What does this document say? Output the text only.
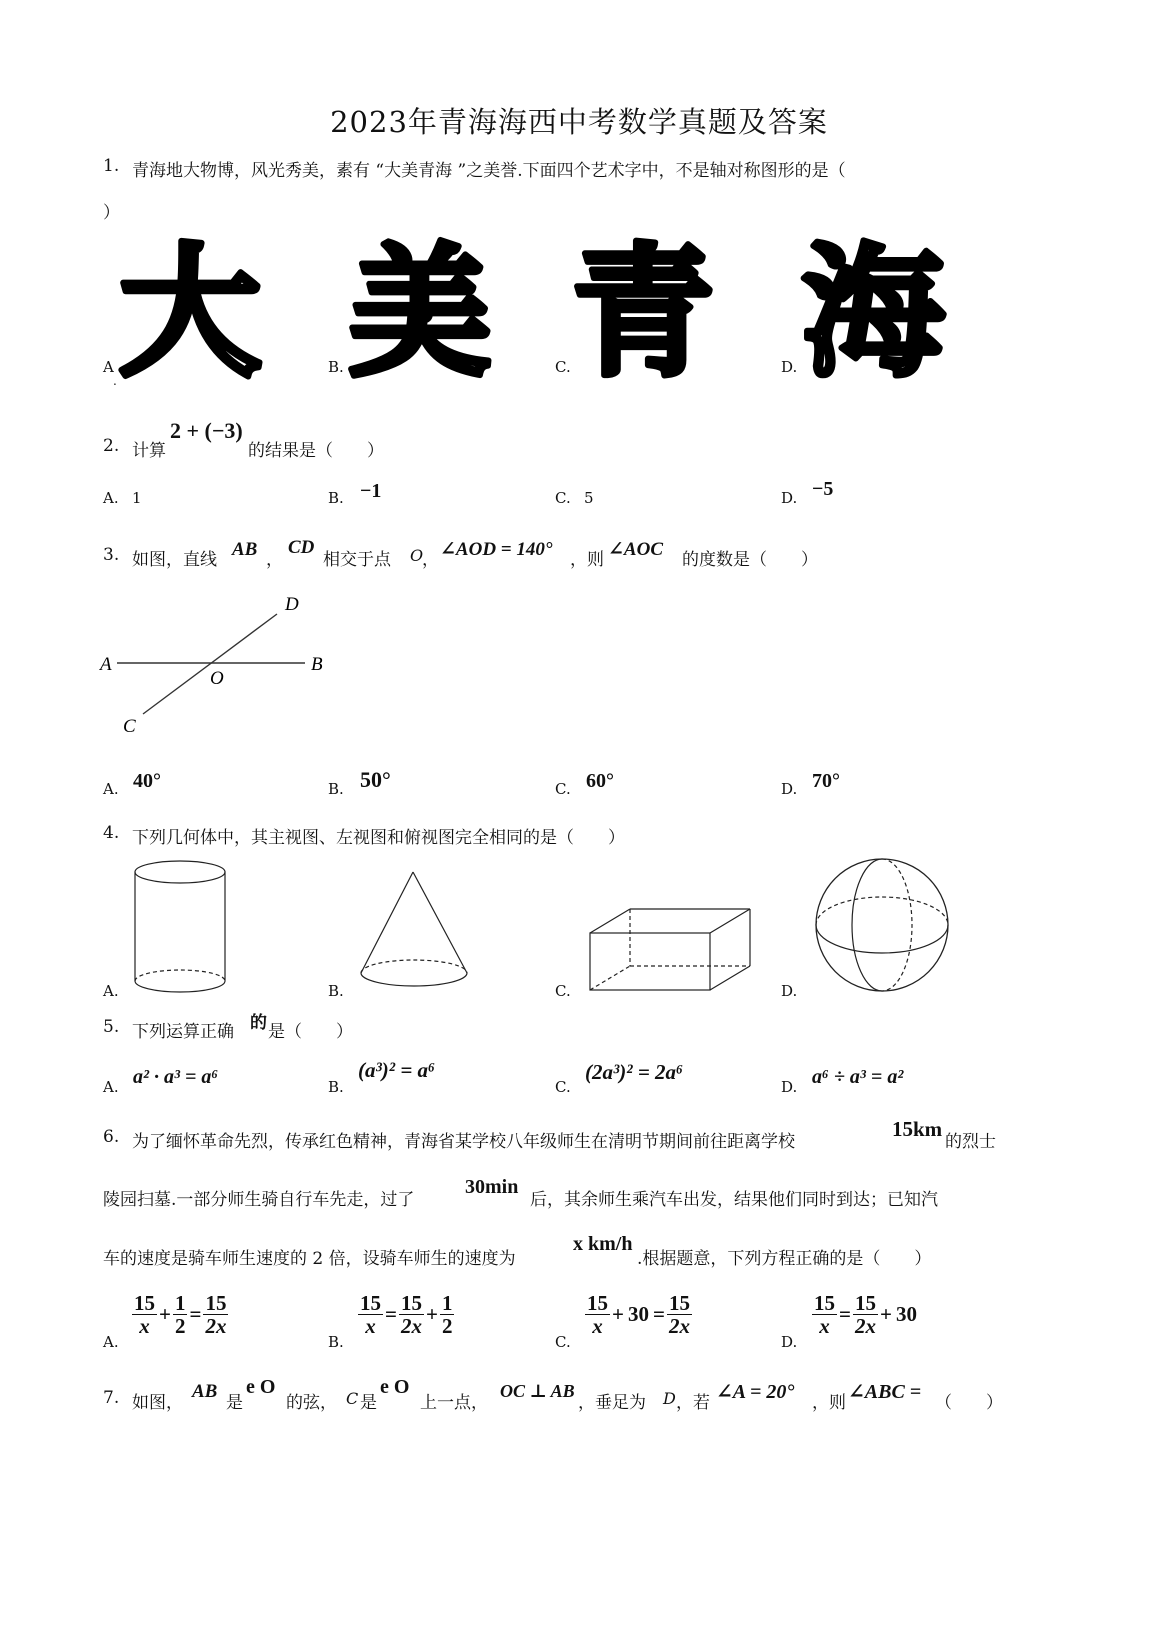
2023年青海海西中考数学真题及答案
1. 青海地大物博，风光秀美，素有 “大美青海 ”之美誉.下面四个艺术字中，不是轴对称图形的是（
）
大 美 青 海
A
.
B.	C.	D.
2. 计算
2 + (−3)
的结果是（　　）
A. 1	B. −1	C. 5	D. −5
3. 如图，直线 AB ，
CD
相交于点 O
， ∠AOD = 140° ，则 ∠AOC 的度数是（　　）
A	B
C
D
O
A. 40°	B. 50°	C. 60°	D. 70°
4. 下列几何体中，其主视图、左视图和俯视图完全相同的是（　　）
A.	B.	C.	D.
5. 下列运算正确 的 是（　　）
A. a² · a³ = a⁶	B.
(a³)² = a⁶
C.
(2a³)² = 2a⁶
D. a⁶ ÷ a³ = a²
6. 为了缅怀革命先烈，传承红色精神，青海省某学校八年级师生在清明节期间前往距离学校
15km
的烈士
陵园扫墓.一部分师生骑自行车先走，过了
30min
后，其余师生乘汽车出发，结果他们同时到达；已知汽
车的速度是骑车师生速度的 2 倍，设骑车师生的速度为
x km/h
.根据题意，下列方程正确的是（　　）
A.
$\frac{15}{x} + \frac{1}{2} = \frac{15}{2x}$
B.
$\frac{15}{x} = \frac{15}{2x} + \frac{1}{2}$
C.
$\frac{15}{x} + 30 = \frac{15}{2x}$
D.
$\frac{15}{x} = \frac{15}{2x} + 30$
7. 如图，
AB
是
e O
的弦， C 是
e O
上一点，
OC ⊥ AB
，垂足为 D ，若 ∠A = 20° ，则 ∠ABC = （　　）
